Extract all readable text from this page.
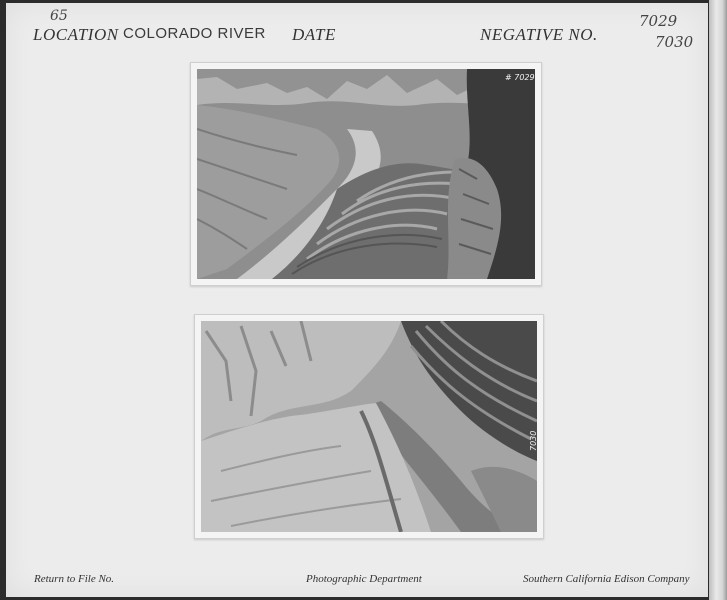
65
LOCATION COLORADO RIVER DATE	NEGATIVE NO.
7029
7030
# 7029
7030
Return to File No.	Photographic Department	Southern California Edison Company
